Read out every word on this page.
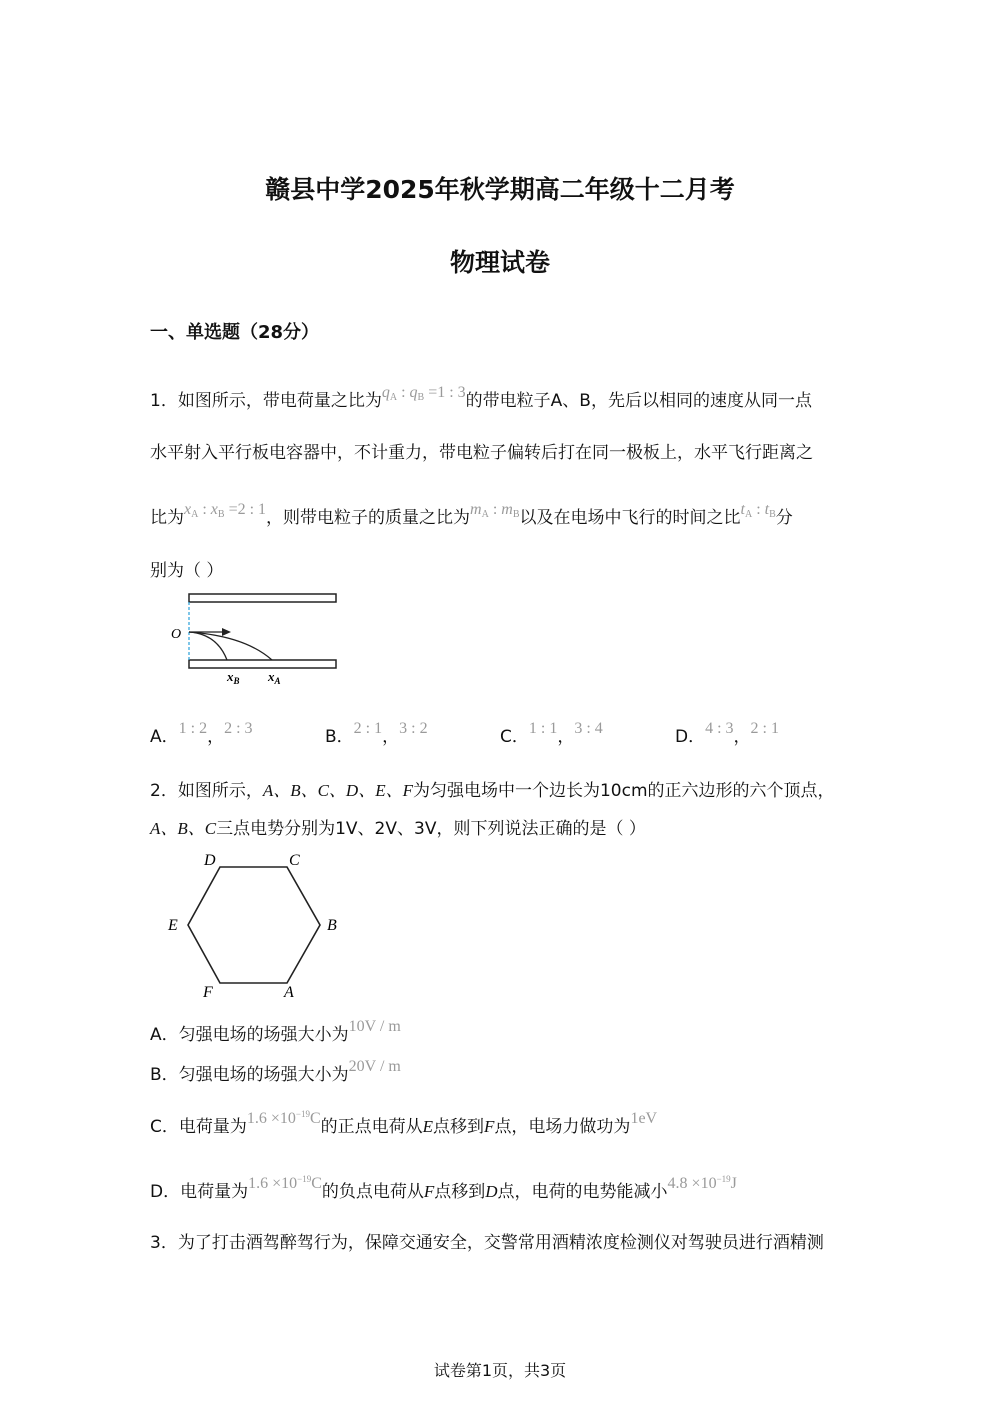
赣县中学2025年秋学期高二年级十二月考
物理试卷
一、单选题（28分）
1．如图所示，带电荷量之比为$q_A$ : $q_B =1$ : 3的带电粒子A、B，先后以相同的速度从同一点
水平射入平行板电容器中，不计重力，带电粒子偏转后打在同一极板上，水平飞行距离之
比为$x_A$ : $x_B =2$ : 1，则带电粒子的质量之比为$m_A$ : $m_B$以及在电场中飞行的时间之比$t_A$ : $t_B$分
别为（ ）
O
$x_B$ $x_A$
A．1 : 2，2 : 3	B．2 : 1，3 : 2	C．1 : 1，3 : 4	D．4 : 3，2 : 1
2．如图所示，A、B、C、D、E、F为匀强电场中一个边长为10cm的正六边形的六个顶点，
A、B、C三点电势分别为1V、2V、3V，则下列说法正确的是（ ）
D	C
E	B
F	A
A．匀强电场的场强大小为10V / m
B．匀强电场的场强大小为20V / m
C．电荷量为$1.6 \times 10^{-19}C$的正点电荷从E点移到F点，电场力做功为1eV
D．电荷量为$1.6 \times 10^{-19}C$的负点电荷从F点移到D点，电荷的电势能减小$4.8 \times 10^{-19}J$
3．为了打击酒驾醉驾行为，保障交通安全，交警常用酒精浓度检测仪对驾驶员进行酒精测
试卷第1页，共3页
